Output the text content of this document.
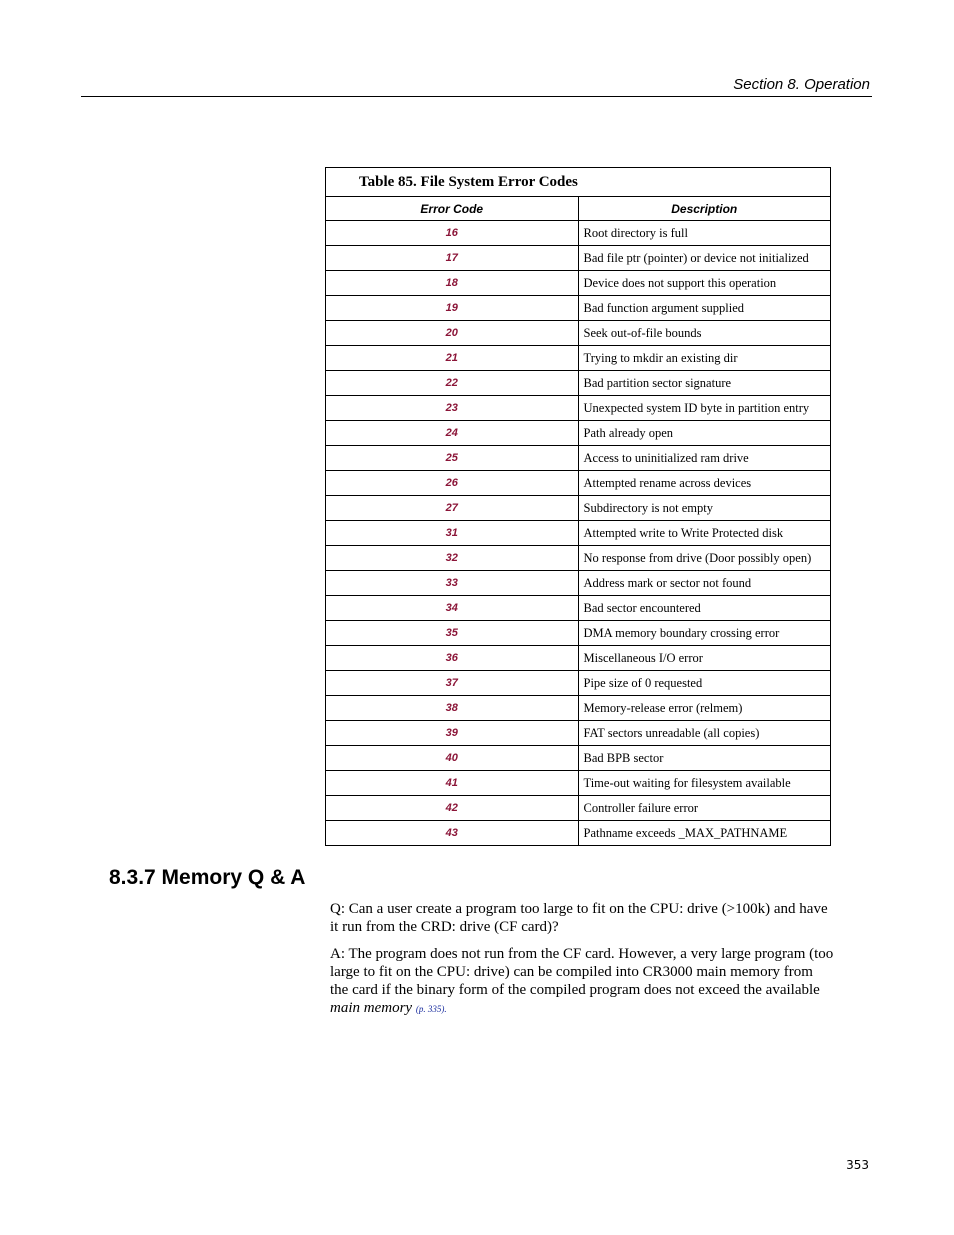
Section 8. Operation
Table 85. File System Error Codes	
Error Code	Description
16	Root directory is full
17	Bad file ptr (pointer) or device not initialized
18	Device does not support this operation
19	Bad function argument supplied
20	Seek out-of-file bounds
21	Trying to mkdir an existing dir
22	Bad partition sector signature
23	Unexpected system ID byte in partition entry
24	Path already open
25	Access to uninitialized ram drive
26	Attempted rename across devices
27	Subdirectory is not empty
31	Attempted write to Write Protected disk
32	No response from drive (Door possibly open)
33	Address mark or sector not found
34	Bad sector encountered
35	DMA memory boundary crossing error
36	Miscellaneous I/O error
37	Pipe size of 0 requested
38	Memory-release error (relmem)
39	FAT sectors unreadable (all copies)
40	Bad BPB sector
41	Time-out waiting for filesystem available
42	Controller failure error
43	Pathname exceeds _MAX_PATHNAME
8.3.7 Memory Q & A

Q: Can a user create a program too large to fit on the CPU: drive (>100k) and have it run from the CRD: drive (CF card)?

A: The program does not run from the CF card. However, a very large program (too large to fit on the CPU: drive) can be compiled into CR3000 main memory from the card if the binary form of the compiled program does not exceed the available main memory (p. 335).

353
